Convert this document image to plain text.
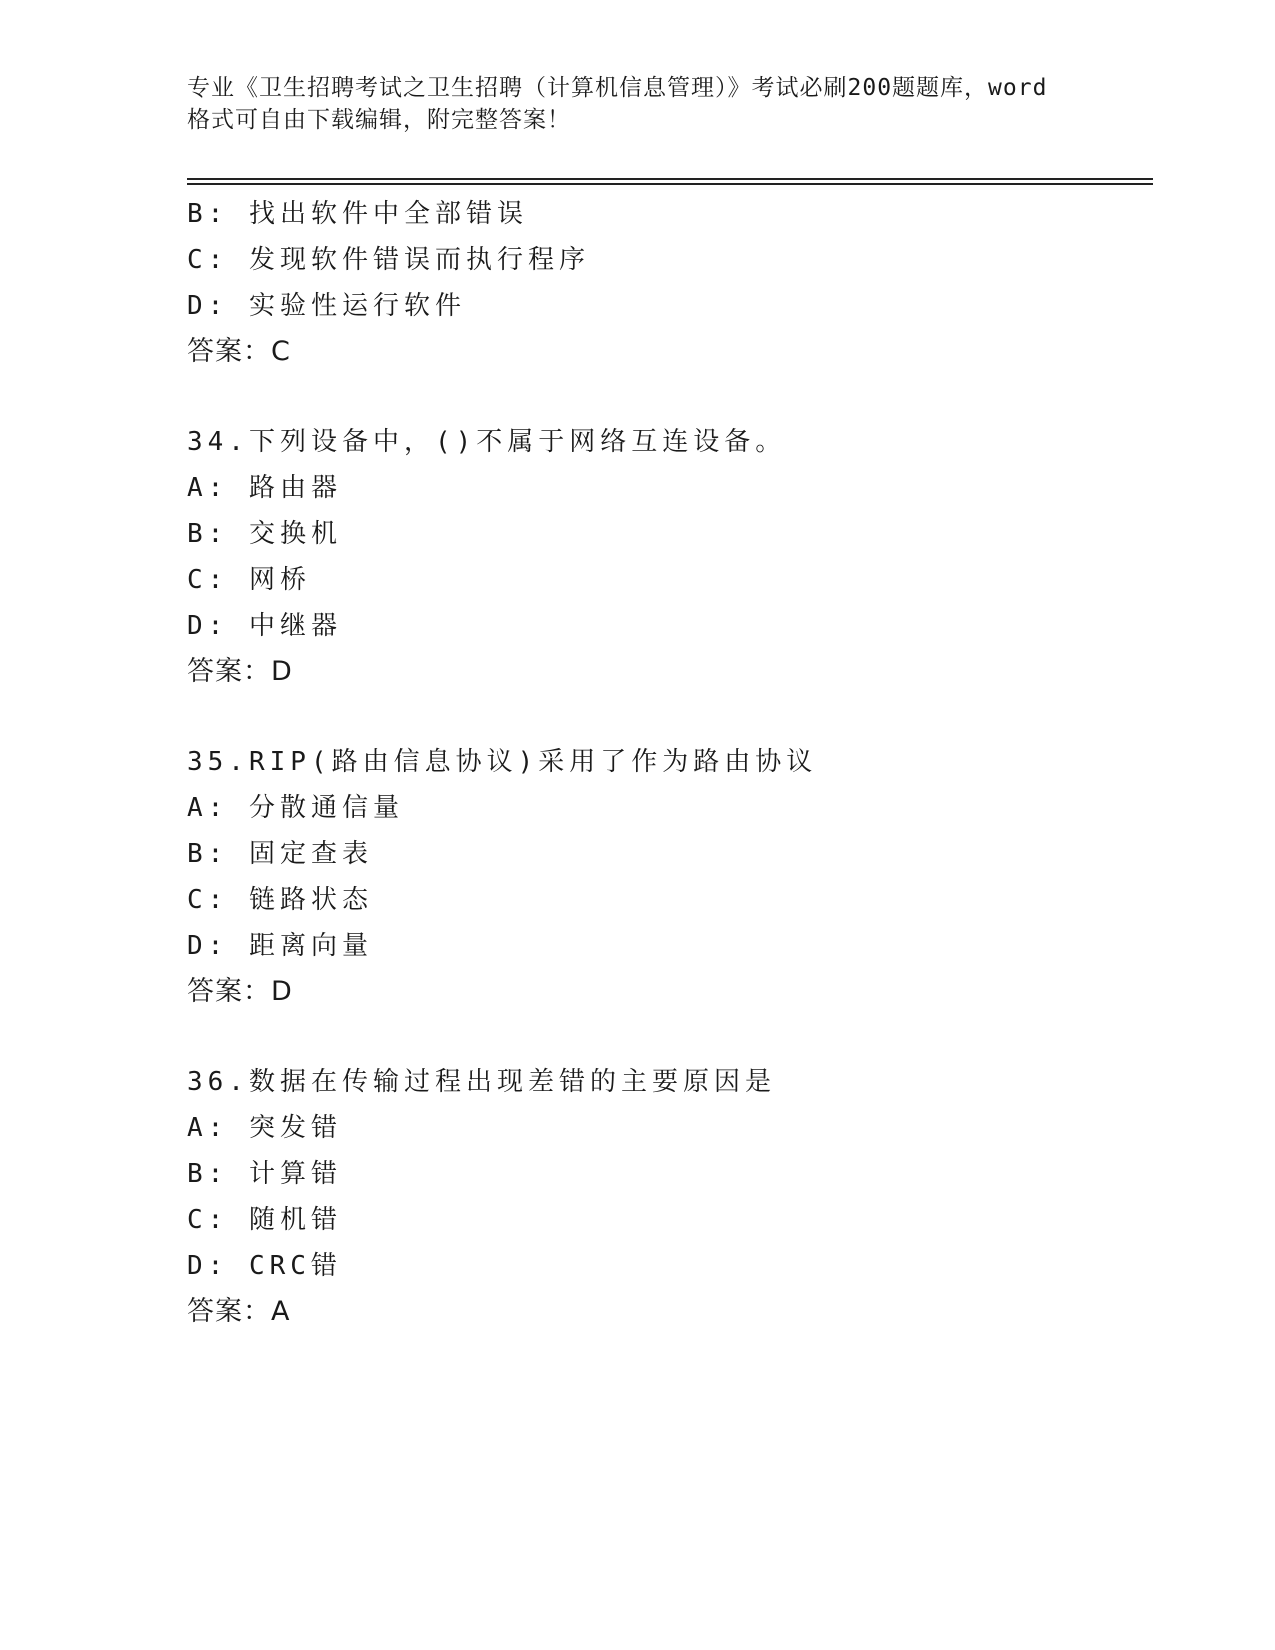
专业《卫生招聘考试之卫生招聘（计算机信息管理）》考试必刷200题题库，word
格式可自由下载编辑，附完整答案！
B: 找出软件中全部错误
C: 发现软件错误而执行程序
D: 实验性运行软件
答案：C
34.下列设备中，()不属于网络互连设备。
A: 路由器
B: 交换机
C: 网桥
D: 中继器
答案：D
35.RIP(路由信息协议)采用了作为路由协议
A: 分散通信量
B: 固定查表
C: 链路状态
D: 距离向量
答案：D
36.数据在传输过程出现差错的主要原因是
A: 突发错
B: 计算错
C: 随机错
D: CRC错
答案：A
